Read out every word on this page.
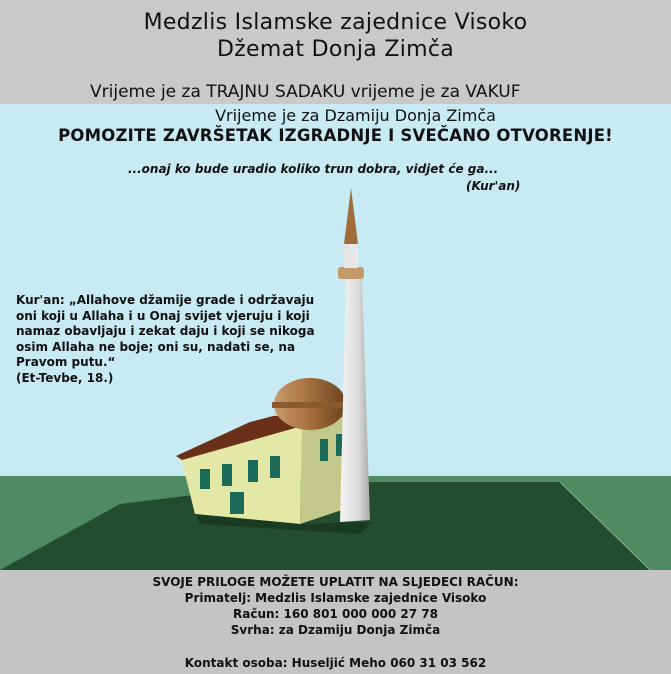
Medzlis Islamske zajednice Visoko
Džemat Donja Zimča
Vrijeme je za TRAJNU SADAKU vrijeme je za VAKUF
Vrijeme je za Dzamiju Donja Zimča
POMOZITE ZAVRŠETAK IZGRADNJE I SVEČANO OTVORENJE!
...onaj ko bude uradio koliko trun dobra, vidjet će ga...
(Kur'an)
Kur'an: „Allahove džamije grade i održavaju oni koji u Allaha i u Onaj svijet vjeruju i koji namaz obavljaju i zekat daju i koji se nikoga osim Allaha ne boje; oni su, nadati se, na Pravom putu.“
(Et-Tevbe, 18.)
SVOJE PRILOGE MOŽETE UPLATIT NA SLJEDECI RAČUN:
Primatelj: Medzlis Islamske zajednice Visoko
Račun: 160 801 000 000 27 78
Svrha: za Dzamiju Donja Zimča
Kontakt osoba: Huseljić Meho 060 31 03 562
